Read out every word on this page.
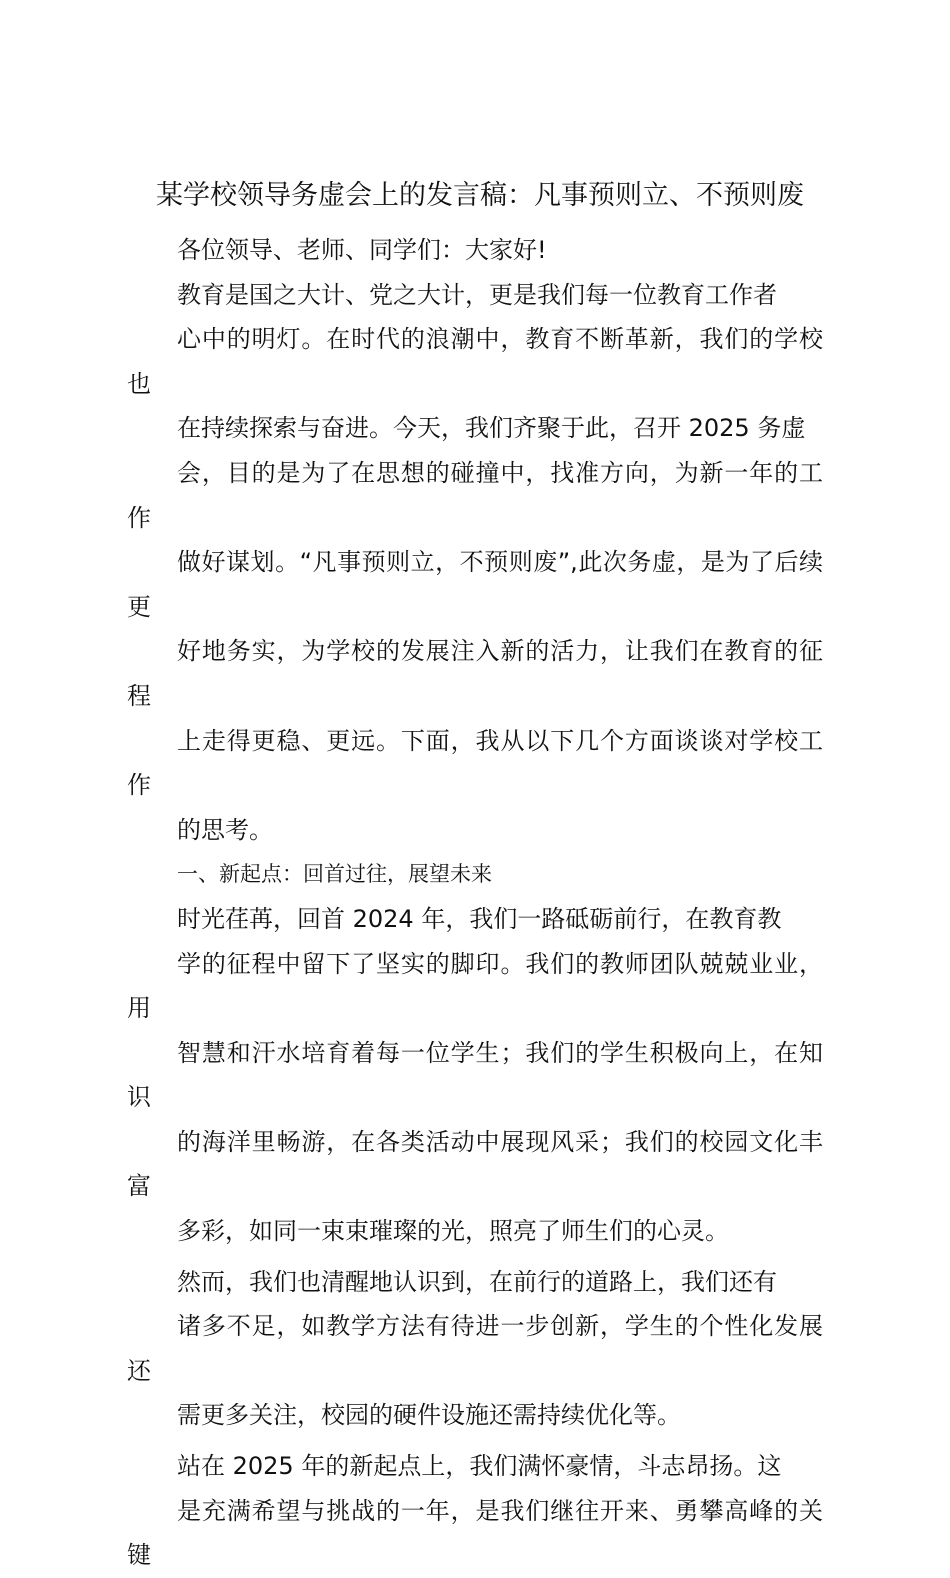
某学校领导务虚会上的发言稿：凡事预则立、不预则废

各位领导、老师、同学们：大家好!

教育是国之大计、党之大计，更是我们每一位教育工作者
心中的明灯。在时代的浪潮中，教育不断革新，我们的学校也
在持续探索与奋进。今天，我们齐聚于此，召开 2025 务虚
会，目的是为了在思想的碰撞中，找准方向，为新一年的工作
做好谋划。“凡事预则立，不预则废”,此次务虚，是为了后续更
好地务实，为学校的发展注入新的活力，让我们在教育的征程
上走得更稳、更远。下面，我从以下几个方面谈谈对学校工作
的思考。

一、新起点：回首过往，展望未来

时光荏苒，回首 2024 年，我们一路砥砺前行，在教育教
学的征程中留下了坚实的脚印。我们的教师团队兢兢业业，用
智慧和汗水培育着每一位学生；我们的学生积极向上，在知识
的海洋里畅游，在各类活动中展现风采；我们的校园文化丰富
多彩，如同一束束璀璨的光，照亮了师生们的心灵。

然而，我们也清醒地认识到，在前行的道路上，我们还有
诸多不足，如教学方法有待进一步创新，学生的个性化发展还
需更多关注，校园的硬件设施还需持续优化等。

站在 2025 年的新起点上，我们满怀豪情，斗志昂扬。这
是充满希望与挑战的一年，是我们继往开来、勇攀高峰的关键
